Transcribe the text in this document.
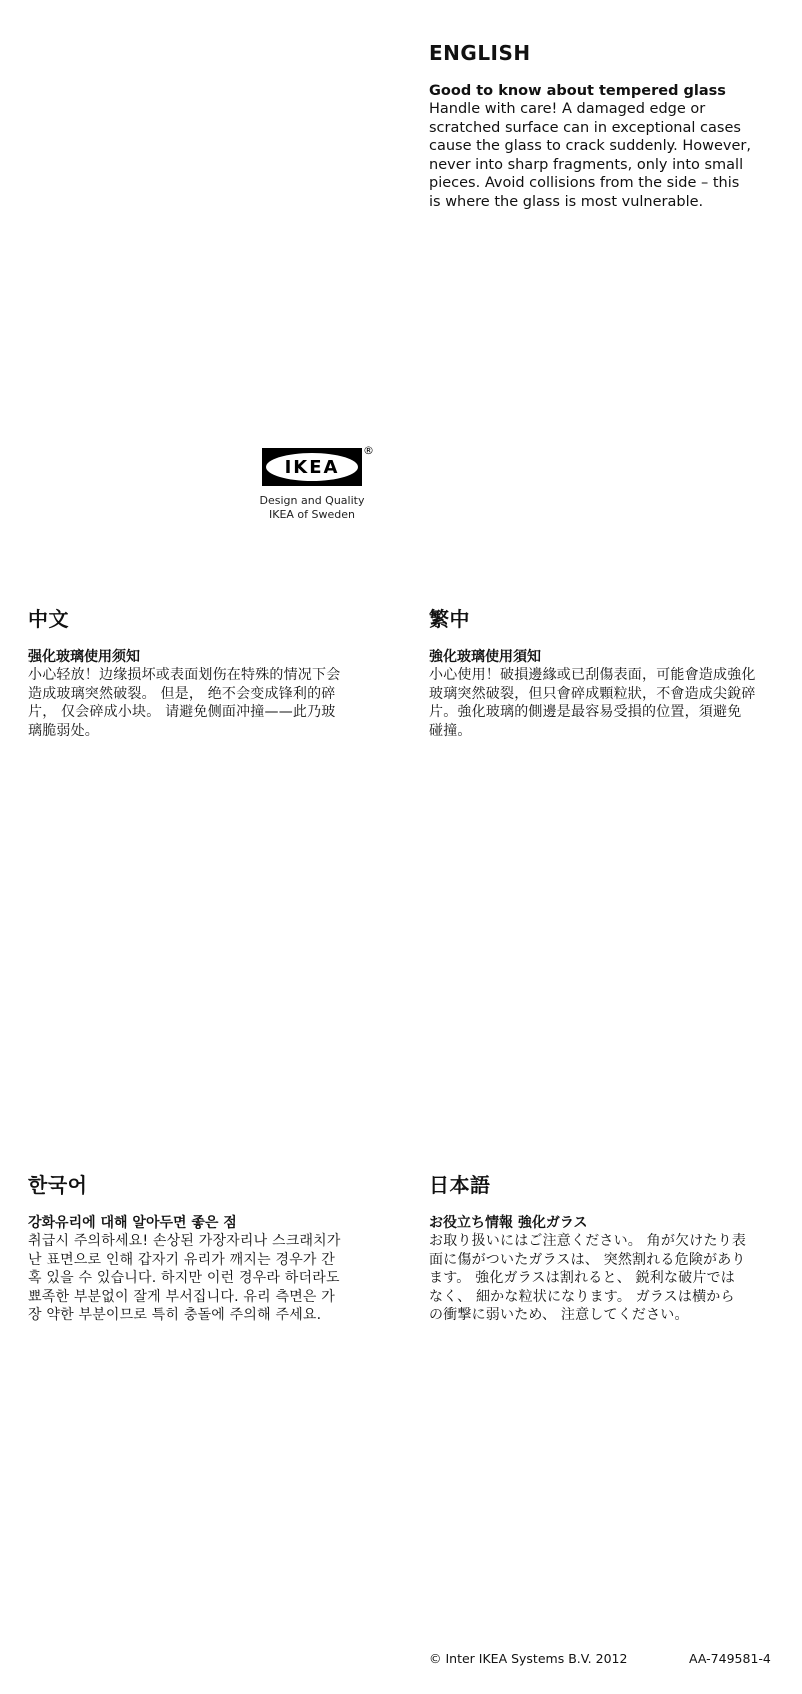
ENGLISH

Good to know about tempered glass

Handle with care! A damaged edge or
scratched surface can in exceptional cases
cause the glass to crack suddenly. However,
never into sharp fragments, only into small
pieces. Avoid collisions from the side – this
is where the glass is most vulnerable.

IKEA
®
Design and Quality
IKEA of Sweden
中文

强化玻璃使用须知

小心轻放！边缘损坏或表面划伤在特殊的情况下会
造成玻璃突然破裂。 但是， 绝不会变成锋利的碎
片， 仅会碎成小块。 请避免侧面冲撞——此乃玻
璃脆弱处。

繁中

強化玻璃使用須知

小心使用！破損邊緣或已刮傷表面，可能會造成強化
玻璃突然破裂，但只會碎成顆粒狀，不會造成尖銳碎
片。強化玻璃的側邊是最容易受損的位置，須避免
碰撞。

한국어

강화유리에 대해 알아두면 좋은 점

취급시 주의하세요! 손상된 가장자리나 스크래치가
난 표면으로 인해 갑자기 유리가 깨지는 경우가 간
혹 있을 수 있습니다. 하지만 이런 경우라 하더라도
뾰족한 부분없이 잘게 부서집니다. 유리 측면은 가
장 약한 부분이므로 특히 충돌에 주의해 주세요.

日本語

お役立ち情報 強化ガラス

お取り扱いにはご注意ください。 角が欠けたり表
面に傷がついたガラスは、 突然割れる危険があり
ます。 強化ガラスは割れると、 鋭利な破片では
なく、 細かな粒状になります。 ガラスは横から
の衝撃に弱いため、 注意してください。

© Inter IKEA Systems B.V. 2012	AA-749581-4
